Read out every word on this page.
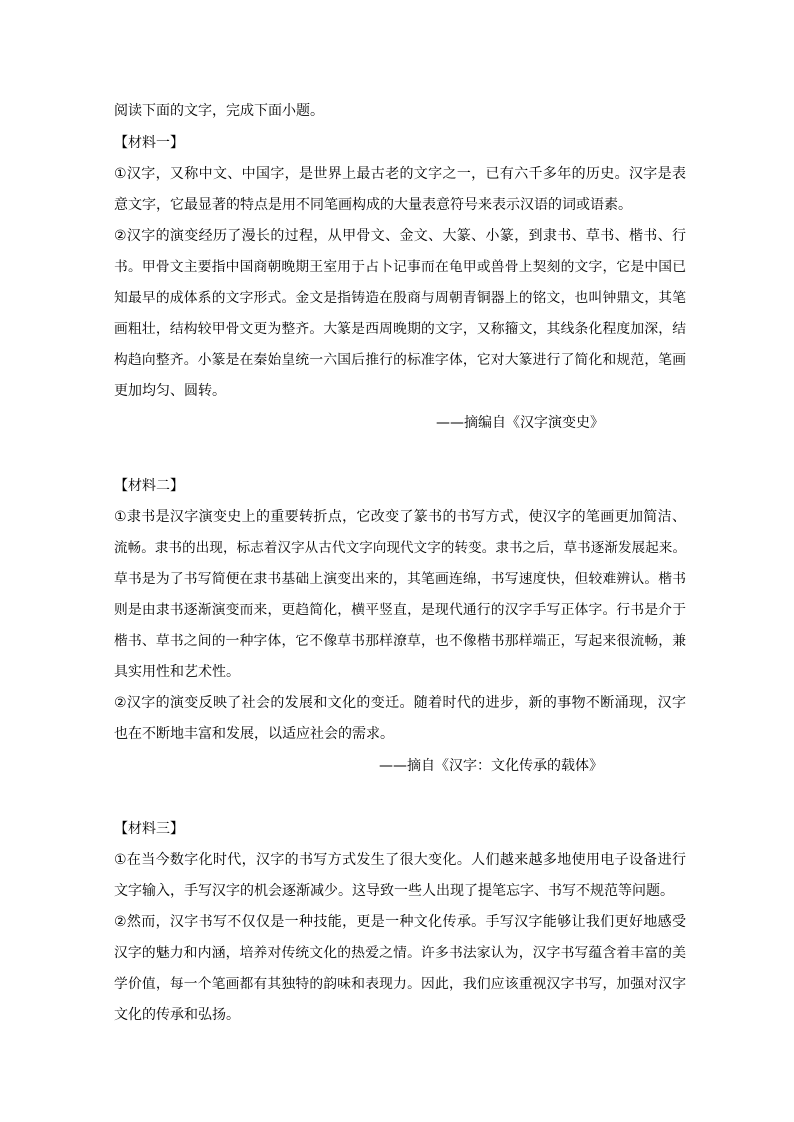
阅读下面的文字，完成下面小题。
【材料一】
①汉字，又称中文、中国字，是世界上最古老的文字之一，已有六千多年的历史。汉字是表
意文字，它最显著的特点是用不同笔画构成的大量表意符号来表示汉语的词或语素。
②汉字的演变经历了漫长的过程，从甲骨文、金文、大篆、小篆，到隶书、草书、楷书、行
书。甲骨文主要指中国商朝晚期王室用于占卜记事而在龟甲或兽骨上契刻的文字，它是中国已
知最早的成体系的文字形式。金文是指铸造在殷商与周朝青铜器上的铭文，也叫钟鼎文，其笔
画粗壮，结构较甲骨文更为整齐。大篆是西周晚期的文字，又称籀文，其线条化程度加深，结
构趋向整齐。小篆是在秦始皇统一六国后推行的标准字体，它对大篆进行了简化和规范，笔画
更加均匀、圆转。
——摘编自《汉字演变史》
【材料二】
①隶书是汉字演变史上的重要转折点，它改变了篆书的书写方式，使汉字的笔画更加简洁、
流畅。隶书的出现，标志着汉字从古代文字向现代文字的转变。隶书之后，草书逐渐发展起来。
草书是为了书写简便在隶书基础上演变出来的，其笔画连绵，书写速度快，但较难辨认。楷书
则是由隶书逐渐演变而来，更趋简化，横平竖直，是现代通行的汉字手写正体字。行书是介于
楷书、草书之间的一种字体，它不像草书那样潦草，也不像楷书那样端正，写起来很流畅，兼
具实用性和艺术性。
②汉字的演变反映了社会的发展和文化的变迁。随着时代的进步，新的事物不断涌现，汉字
也在不断地丰富和发展，以适应社会的需求。
——摘自《汉字：文化传承的载体》
【材料三】
①在当今数字化时代，汉字的书写方式发生了很大变化。人们越来越多地使用电子设备进行
文字输入，手写汉字的机会逐渐减少。这导致一些人出现了提笔忘字、书写不规范等问题。
②然而，汉字书写不仅仅是一种技能，更是一种文化传承。手写汉字能够让我们更好地感受
汉字的魅力和内涵，培养对传统文化的热爱之情。许多书法家认为，汉字书写蕴含着丰富的美
学价值，每一个笔画都有其独特的韵味和表现力。因此，我们应该重视汉字书写，加强对汉字
文化的传承和弘扬。
